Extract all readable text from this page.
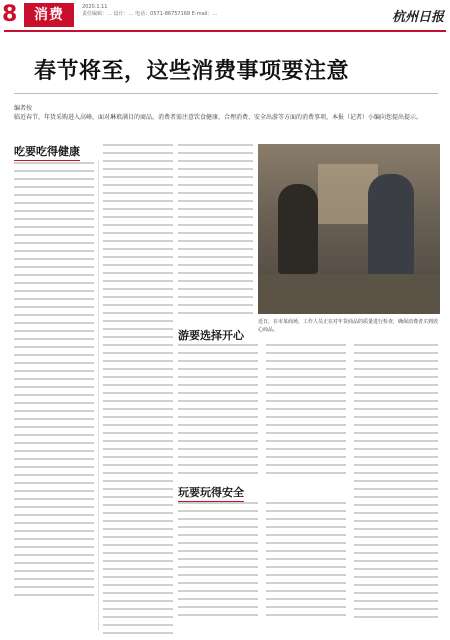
8	消费	2020.1.11
责任编辑：… 设计：… 电话：0571-86757168 E-mail：…	杭州日报
春节将至，这些消费事项要注意
编者按
临近春节，年货采购进入高峰，面对琳琅满目的商品，消费者需注意饮食健康、合理消费、安全出游等方面的消费事项，本报（记者）小编向您提出提示。
吃要吃得健康
游要选择开心
玩要玩得安全
近日，在市某商场，工作人员正在对年货商品的质量进行检查，确保消费者买到放心商品。
